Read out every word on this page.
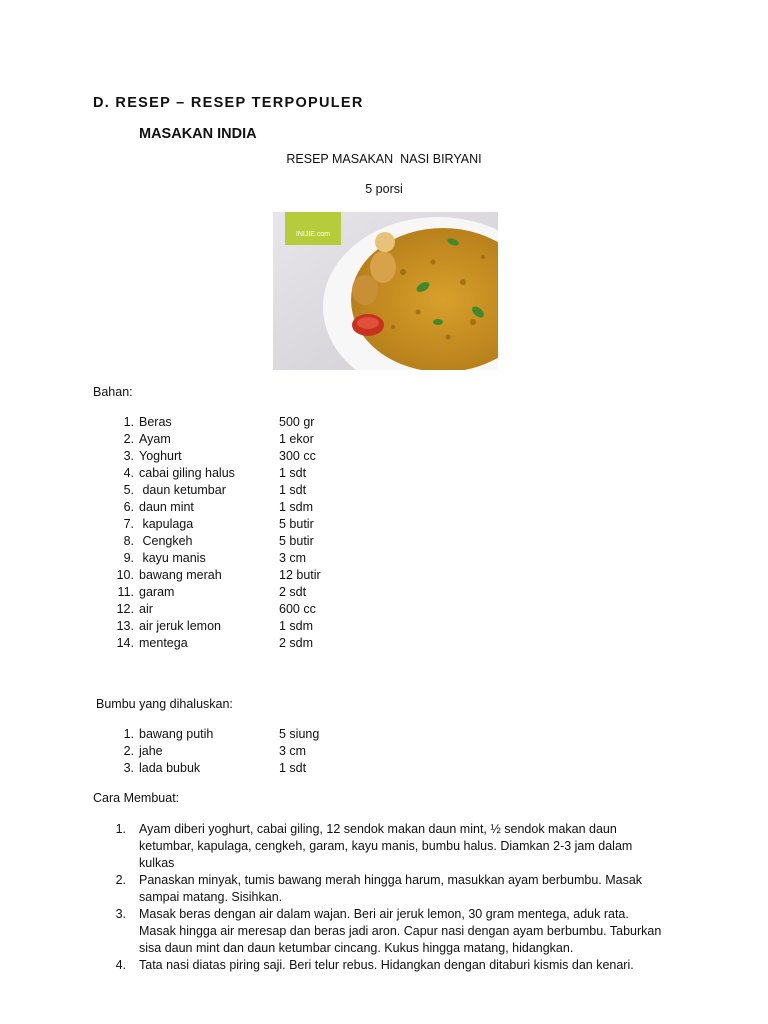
D. RESEP – RESEP TERPOPULER
MASAKAN INDIA
RESEP MASAKAN  NASI BIRYANI
5 porsi
INIJIE.com
Bahan:
1. Beras	500 gr
2. Ayam	1 ekor
3. Yoghurt	300 cc
4. cabai giling halus	1 sdt
5. daun ketumbar	1 sdt
6. daun mint	1 sdm
7. kapulaga	5 butir
8. Cengkeh	5 butir
9. kayu manis	3 cm
10. bawang merah	12 butir
11. garam	2 sdt
12. air	600 cc
13. air jeruk lemon	1 sdm
14. mentega	2 sdm
Bumbu yang dihaluskan:
1. bawang putih	5 siung
2. jahe	3 cm
3. lada bubuk	1 sdt
Cara Membuat:
1. Ayam diberi yoghurt, cabai giling, 12 sendok makan daun mint, ½ sendok makan daun ketumbar, kapulaga, cengkeh, garam, kayu manis, bumbu halus. Diamkan 2-3 jam dalam kulkas
2. Panaskan minyak, tumis bawang merah hingga harum, masukkan ayam berbumbu. Masak sampai matang. Sisihkan.
3. Masak beras dengan air dalam wajan. Beri air jeruk lemon, 30 gram mentega, aduk rata. Masak hingga air meresap dan beras jadi aron. Capur nasi dengan ayam berbumbu. Taburkan sisa daun mint dan daun ketumbar cincang. Kukus hingga matang, hidangkan.
4. Tata nasi diatas piring saji. Beri telur rebus. Hidangkan dengan ditaburi kismis dan kenari.
